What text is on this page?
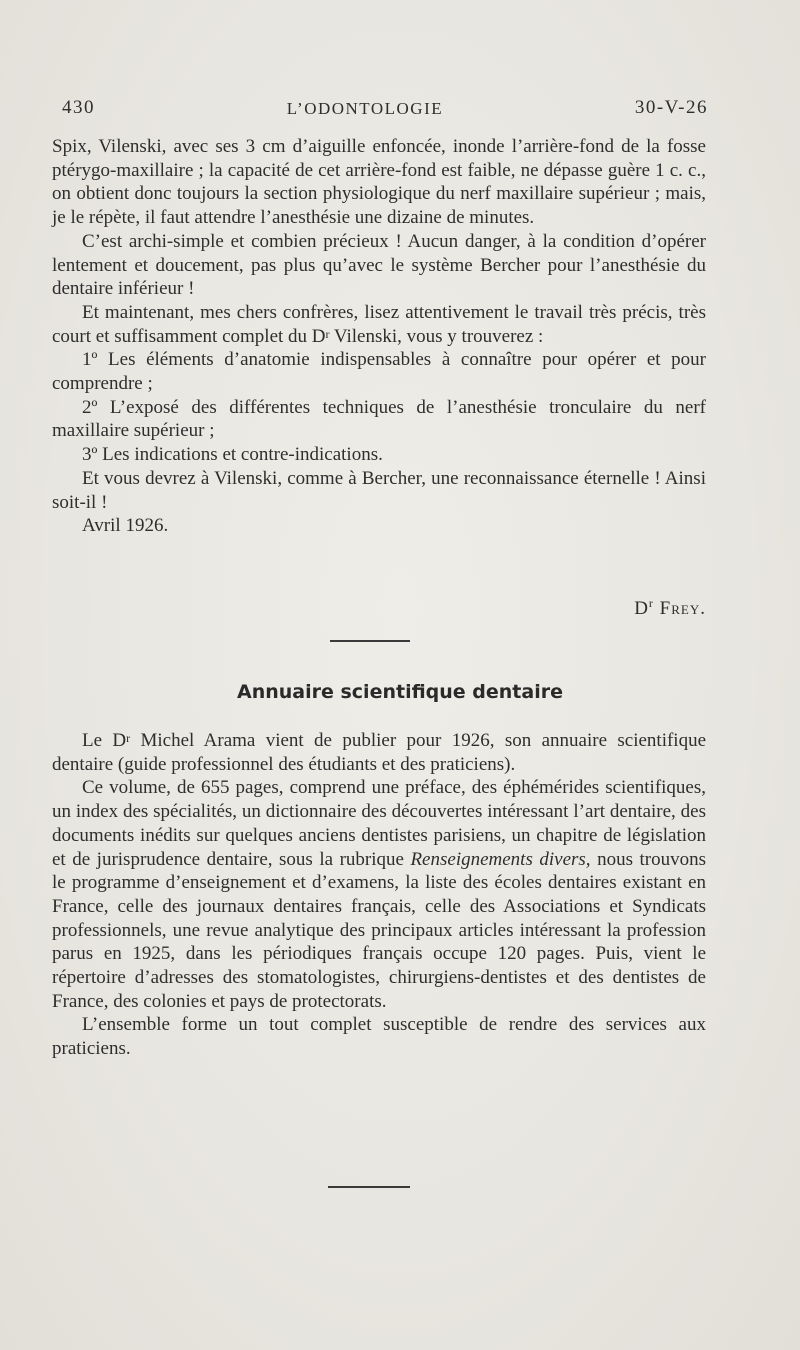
430	L’ODONTOLOGIE	30-V-26

Spix, Vilenski, avec ses 3 cm d’aiguille enfoncée, inonde l’arrière-fond de la fosse ptérygo-maxillaire ; la capacité de cet arrière-fond est faible, ne dépasse guère 1 c. c., on obtient donc toujours la section physiologique du nerf maxillaire supérieur ; mais, je le répète, il faut attendre l’anesthésie une dizaine de minutes.

C’est archi-simple et combien précieux ! Aucun danger, à la condition d’opérer lentement et doucement, pas plus qu’avec le système Bercher pour l’anesthésie du dentaire inférieur !

Et maintenant, mes chers confrères, lisez attentivement le travail très précis, très court et suffisamment complet du $D^r$ Vilenski, vous y trouverez :

1º Les éléments d’anatomie indispensables à connaître pour opérer et pour comprendre ;

2º L’exposé des différentes techniques de l’anesthésie tronculaire du nerf maxillaire supérieur ;

3º Les indications et contre-indications.

Et vous devrez à Vilenski, comme à Bercher, une reconnaissance éternelle ! Ainsi soit-il !

Avril 1926.

$D^r$ Frey.
Annuaire scientifique dentaire

Le $D^r$ Michel Arama vient de publier pour 1926, son annuaire scientifique dentaire (guide professionnel des étudiants et des praticiens).

Ce volume, de 655 pages, comprend une préface, des éphémérides scientifiques, un index des spécialités, un dictionnaire des découvertes intéressant l’art dentaire, des documents inédits sur quelques anciens dentistes parisiens, un chapitre de législation et de jurisprudence dentaire, sous la rubrique Renseignements divers, nous trouvons le programme d’enseignement et d’examens, la liste des écoles dentaires existant en France, celle des journaux dentaires français, celle des Associations et Syndicats professionnels, une revue analytique des principaux articles intéressant la profession parus en 1925, dans les périodiques français occupe 120 pages. Puis, vient le répertoire d’adresses des stomatologistes, chirurgiens-dentistes et des dentistes de France, des colonies et pays de protectorats.

L’ensemble forme un tout complet susceptible de rendre des services aux praticiens.
